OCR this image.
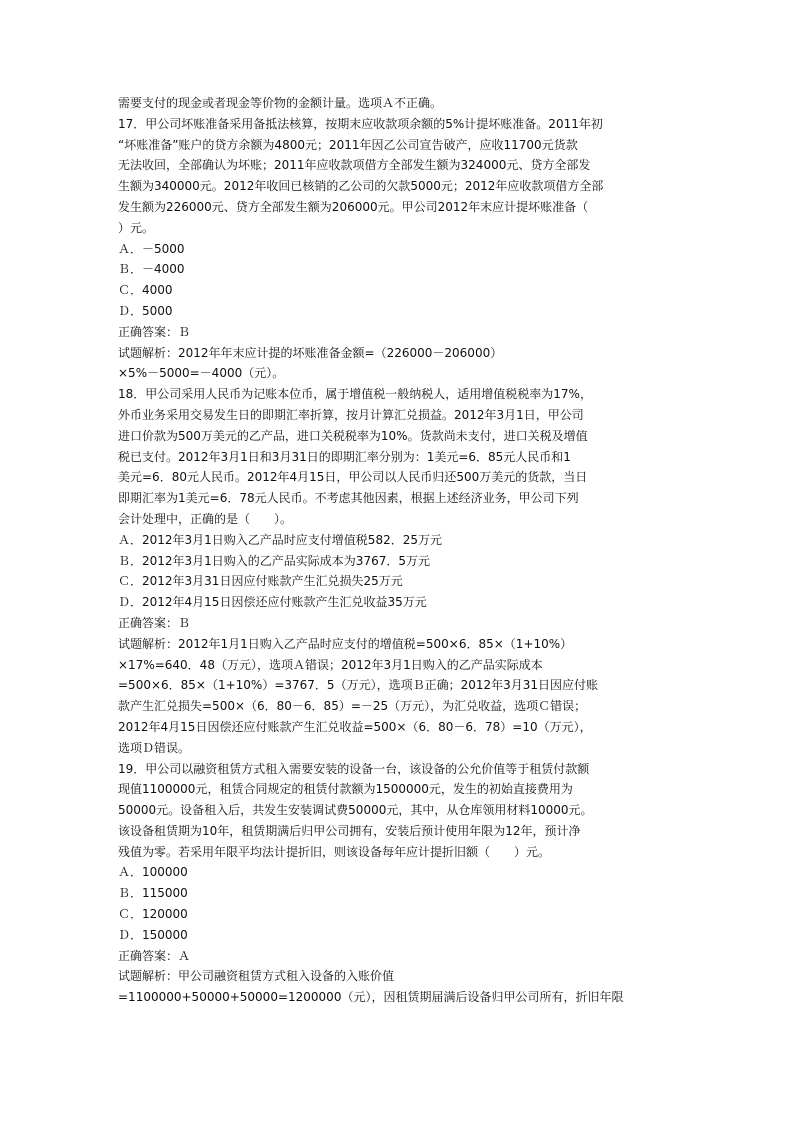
需要支付的现金或者现金等价物的金额计量。选项Ａ不正确。
17．甲公司坏账准备采用备抵法核算，按期末应收款项余额的5%计提坏账准备。2011年初
“坏账准备”账户的贷方余额为4800元；2011年因乙公司宣告破产，应收11700元货款
无法收回，全部确认为坏账；2011年应收款项借方全部发生额为324000元、贷方全部发
生额为340000元。2012年收回已核销的乙公司的欠款5000元；2012年应收款项借方全部
发生额为226000元、贷方全部发生额为206000元。甲公司2012年末应计提坏账准备（
）元。
Ａ．－5000
Ｂ．－4000
Ｃ．4000
Ｄ．5000
正确答案：Ｂ
试题解析：2012年年末应计提的坏账准备金额=（226000－206000）
×5%－5000=－4000（元）。
18．甲公司采用人民币为记账本位币，属于增值税一般纳税人，适用增值税税率为17%，
外币业务采用交易发生日的即期汇率折算，按月计算汇兑损益。2012年3月1日，甲公司
进口价款为500万美元的乙产品，进口关税税率为10%。货款尚未支付，进口关税及增值
税已支付。2012年3月1日和3月31日的即期汇率分别为：1美元=6．85元人民币和1
美元=6．80元人民币。2012年4月15日，甲公司以人民币归还500万美元的货款，当日
即期汇率为1美元=6．78元人民币。不考虑其他因素，根据上述经济业务，甲公司下列
会计处理中，正确的是（　　）。
Ａ．2012年3月1日购入乙产品时应支付增值税582．25万元
Ｂ．2012年3月1日购入的乙产品实际成本为3767．5万元
Ｃ．2012年3月31日因应付账款产生汇兑损失25万元
Ｄ．2012年4月15日因偿还应付账款产生汇兑收益35万元
正确答案：Ｂ
试题解析：2012年1月1日购入乙产品时应支付的增值税=500×6．85×（1+10%）
×17%=640．48（万元），选项Ａ错误；2012年3月1日购入的乙产品实际成本
=500×6．85×（1+10%）=3767．5（万元），选项Ｂ正确；2012年3月31日因应付账
款产生汇兑损失=500×（6．80－6．85）=－25（万元），为汇兑收益，选项Ｃ错误；
2012年4月15日因偿还应付账款产生汇兑收益=500×（6．80－6．78）=10（万元），
选项Ｄ错误。
19．甲公司以融资租赁方式租入需要安装的设备一台，该设备的公允价值等于租赁付款额
现值1100000元，租赁合同规定的租赁付款额为1500000元，发生的初始直接费用为
50000元。设备租入后，共发生安装调试费50000元，其中，从仓库领用材料10000元。
该设备租赁期为10年，租赁期满后归甲公司拥有，安装后预计使用年限为12年，预计净
残值为零。若采用年限平均法计提折旧，则该设备每年应计提折旧额（　　）元。
Ａ．100000
Ｂ．115000
Ｃ．120000
Ｄ．150000
正确答案：Ａ
试题解析：甲公司融资租赁方式租入设备的入账价值
=1100000+50000+50000=1200000（元），因租赁期届满后设备归甲公司所有，折旧年限
